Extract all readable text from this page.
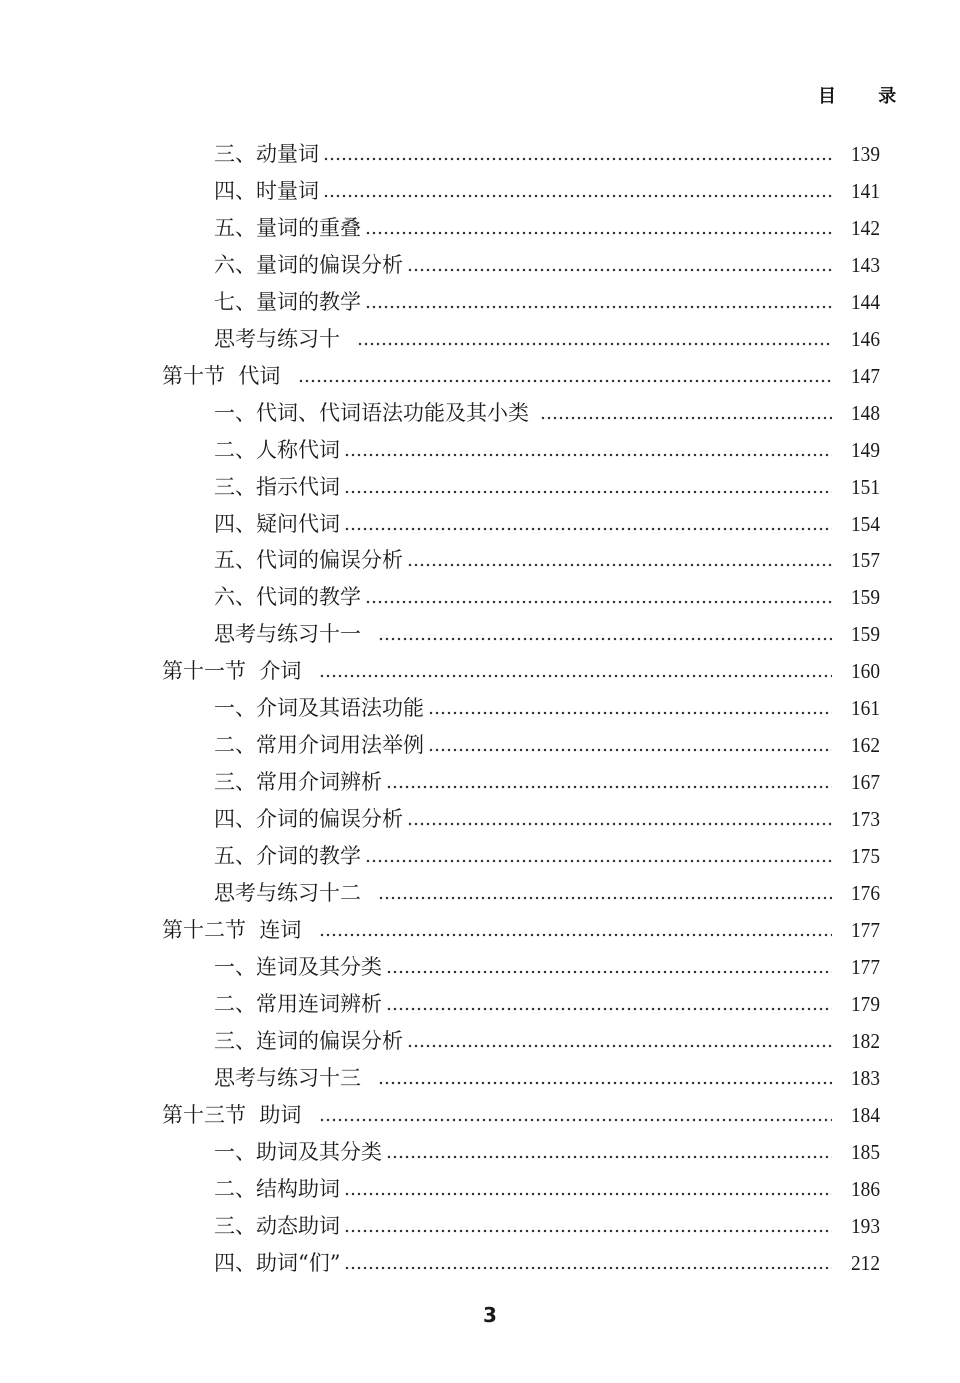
目 录
三、动量词	139
四、时量词	141
五、量词的重叠	142
六、量词的偏误分析	143
七、量词的教学	144
思考与练习十	146
第十节  代词	147
一、代词、代词语法功能及其小类	148
二、人称代词	149
三、指示代词	151
四、疑问代词	154
五、代词的偏误分析	157
六、代词的教学	159
思考与练习十一	159
第十一节  介词	160
一、介词及其语法功能	161
二、常用介词用法举例	162
三、常用介词辨析	167
四、介词的偏误分析	173
五、介词的教学	175
思考与练习十二	176
第十二节  连词	177
一、连词及其分类	177
二、常用连词辨析	179
三、连词的偏误分析	182
思考与练习十三	183
第十三节  助词	184
一、助词及其分类	185
二、结构助词	186
三、动态助词	193
四、助词“们”	212
3
